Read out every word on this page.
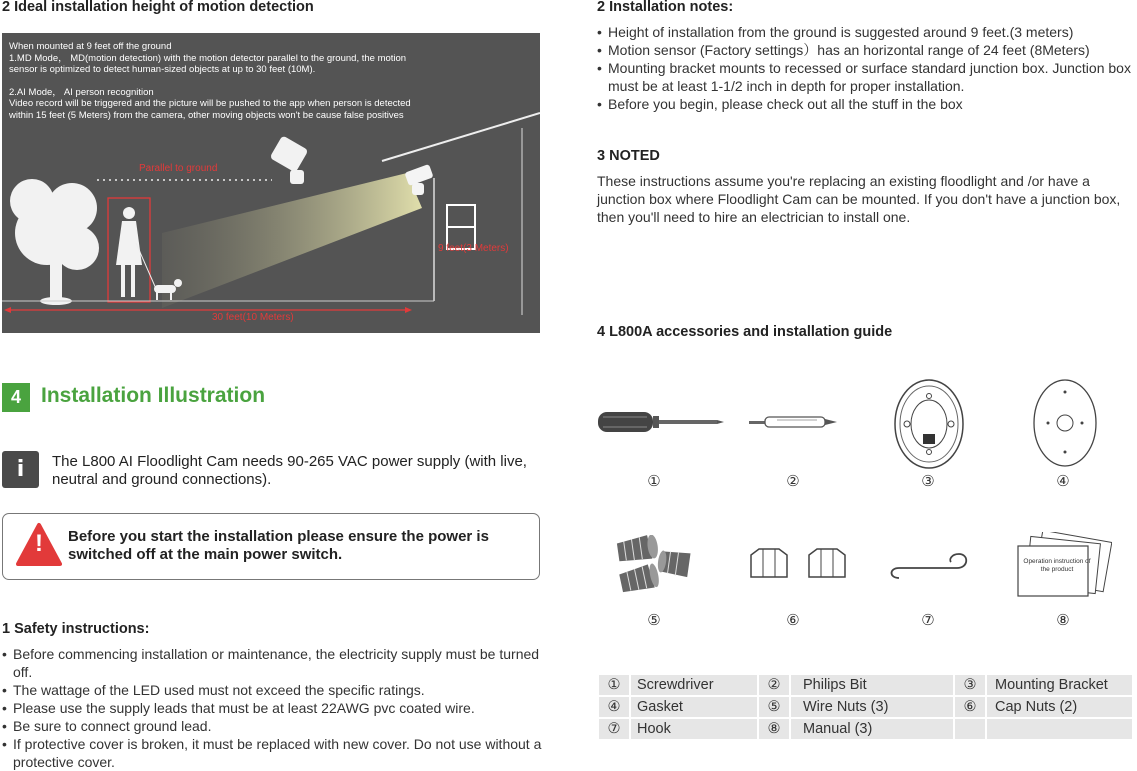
2 Ideal installation height of motion detection
When mounted at 9 feet off the ground
1.MD Mode， MD(motion detection) with the motion detector parallel to the ground, the motion
sensor is optimized to detect human-sized objects at up to 30 feet (10M).
2.AI Mode， AI person recognition
Video record will be triggered and the picture will be pushed to the app when person is detected
within 15 feet (5 Meters) from the camera, other moving objects won't be cause false positives
Parallel to ground
9 feet(3 Meters)
30 feet(10 Meters)
4 Installation Illustration
i	The L800 AI Floodlight Cam needs 90-265 VAC power supply (with live, neutral and ground connections).
!	Before you start the installation please ensure the power is switched off at the main power switch.
1 Safety instructions:
• Before commencing installation or maintenance, the electricity supply must be turned off.
• The wattage of the LED used must not exceed the specific ratings.
• Please use the supply leads that must be at least 22AWG pvc coated wire.
• Be sure to connect ground lead.
• If protective cover is broken, it must be replaced with new cover. Do not use without a protective cover.
2 Installation notes:
• Height of installation from the ground is suggested around 9 feet.(3 meters)
• Motion sensor (Factory settings）has an horizontal range of 24 feet (8Meters)
• Mounting bracket mounts to recessed or surface standard junction box. Junction box must be at least 1-1/2 inch in depth for proper installation.
• Before you begin, please check out all the stuff in the box
3 NOTED
These instructions assume you're replacing an existing floodlight and /or have a junction box where Floodlight Cam can be mounted. If you don't have a junction box, then you'll need to hire an electrician to install one.
4 L800A accessories and installation guide
①	②	③	④
Operation instruction of the product
⑤	⑥	⑦	⑧
①	Screwdriver	②	Philips Bit	③	Mounting Bracket
④	Gasket	⑤	Wire Nuts (3)	⑥	Cap Nuts (2)
⑦	Hook	⑧	Manual (3)		
